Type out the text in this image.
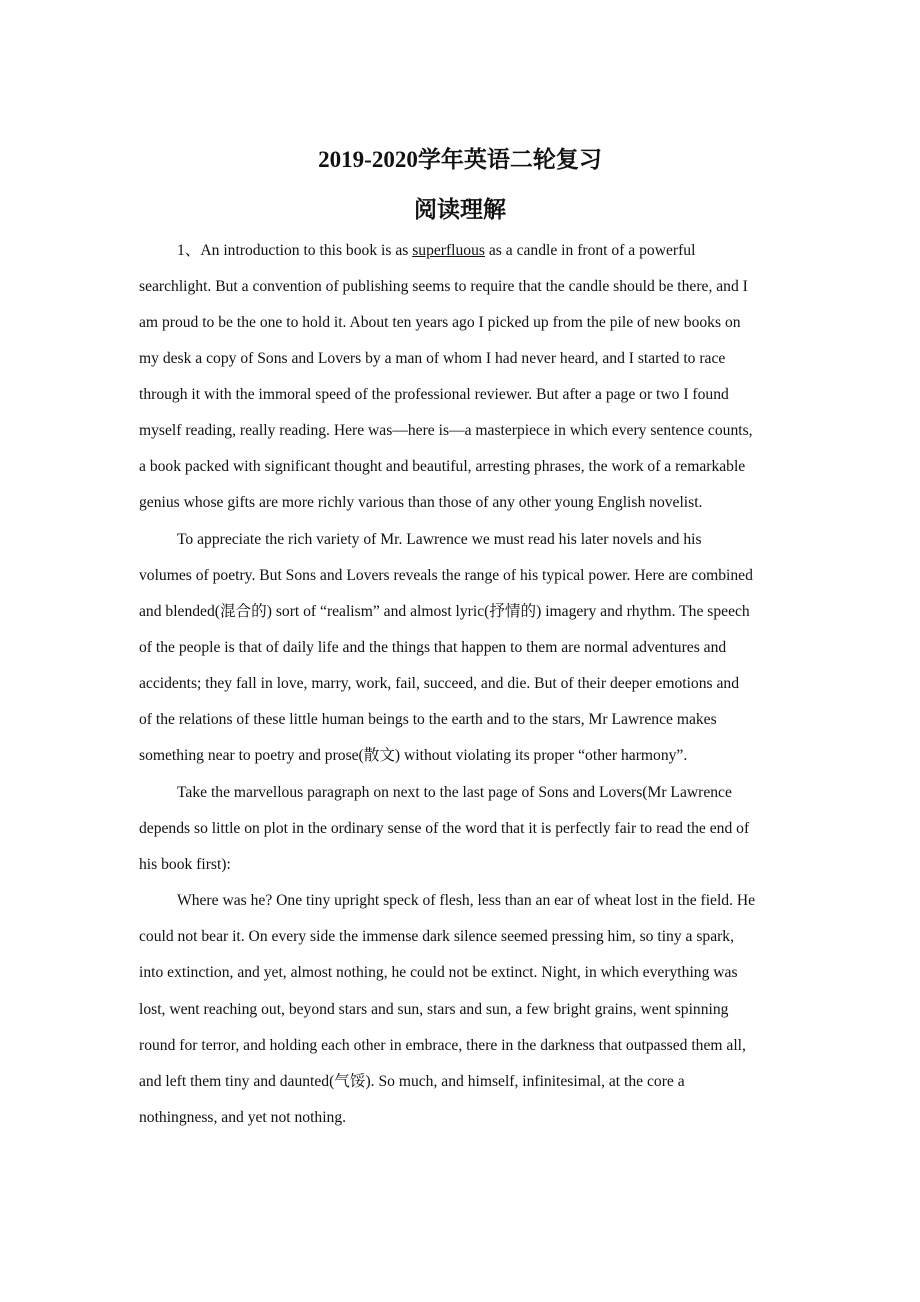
2019-2020学年英语二轮复习
阅读理解

1、An introduction to this book is as superfluous as a candle in front of a powerful

searchlight. But a convention of publishing seems to require that the candle should be there, and I

am proud to be the one to hold it. About ten years ago I picked up from the pile of new books on

my desk a copy of Sons and Lovers by a man of whom I had never heard, and I started to race

through it with the immoral speed of the professional reviewer. But after a page or two I found

myself reading, really reading. Here was—here is—a masterpiece in which every sentence counts,

a book packed with significant thought and beautiful, arresting phrases, the work of a remarkable

genius whose gifts are more richly various than those of any other young English novelist.

To appreciate the rich variety of Mr. Lawrence we must read his later novels and his

volumes of poetry. But Sons and Lovers reveals the range of his typical power. Here are combined

and blended(混合的) sort of “realism” and almost lyric(抒情的) imagery and rhythm. The speech

of the people is that of daily life and the things that happen to them are normal adventures and

accidents; they fall in love, marry, work, fail, succeed, and die. But of their deeper emotions and

of the relations of these little human beings to the earth and to the stars, Mr Lawrence makes

something near to poetry and prose(散文) without violating its proper “other harmony”.

Take the marvellous paragraph on next to the last page of Sons and Lovers(Mr Lawrence

depends so little on plot in the ordinary sense of the word that it is perfectly fair to read the end of

his book first):

Where was he? One tiny upright speck of flesh, less than an ear of wheat lost in the field. He

could not bear it. On every side the immense dark silence seemed pressing him, so tiny a spark,

into extinction, and yet, almost nothing, he could not be extinct. Night, in which everything was

lost, went reaching out, beyond stars and sun, stars and sun, a few bright grains, went spinning

round for terror, and holding each other in embrace, there in the darkness that outpassed them all,

and left them tiny and daunted(气馁). So much, and himself, infinitesimal, at the core a

nothingness, and yet not nothing.
